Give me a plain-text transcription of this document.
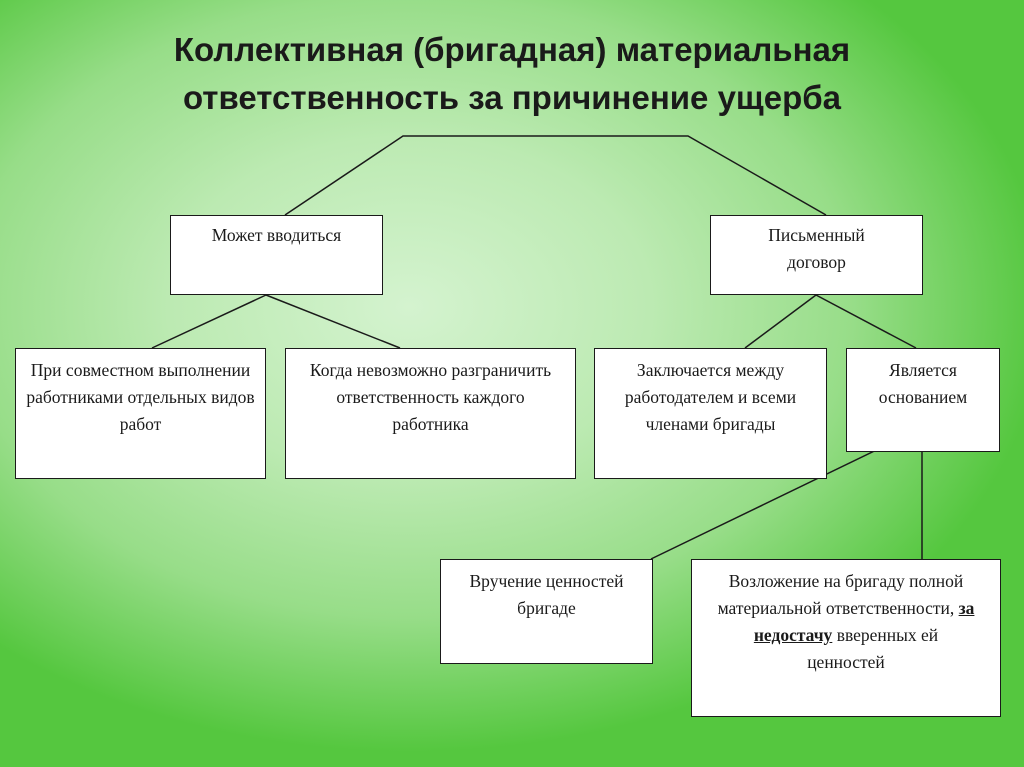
Коллективная (бригадная) материальная
ответственность за причинение ущерба
Может вводиться	Письменный договор
При совместном выполнении работниками отдельных видов работ
Когда невозможно разграничить ответственность каждого работника
Заключается между работодателем и всеми членами бригады
Является основанием
Вручение ценностей бригаде
Возложение на бригаду полной материальной ответственности, за недостачу вверенных ей ценностей
